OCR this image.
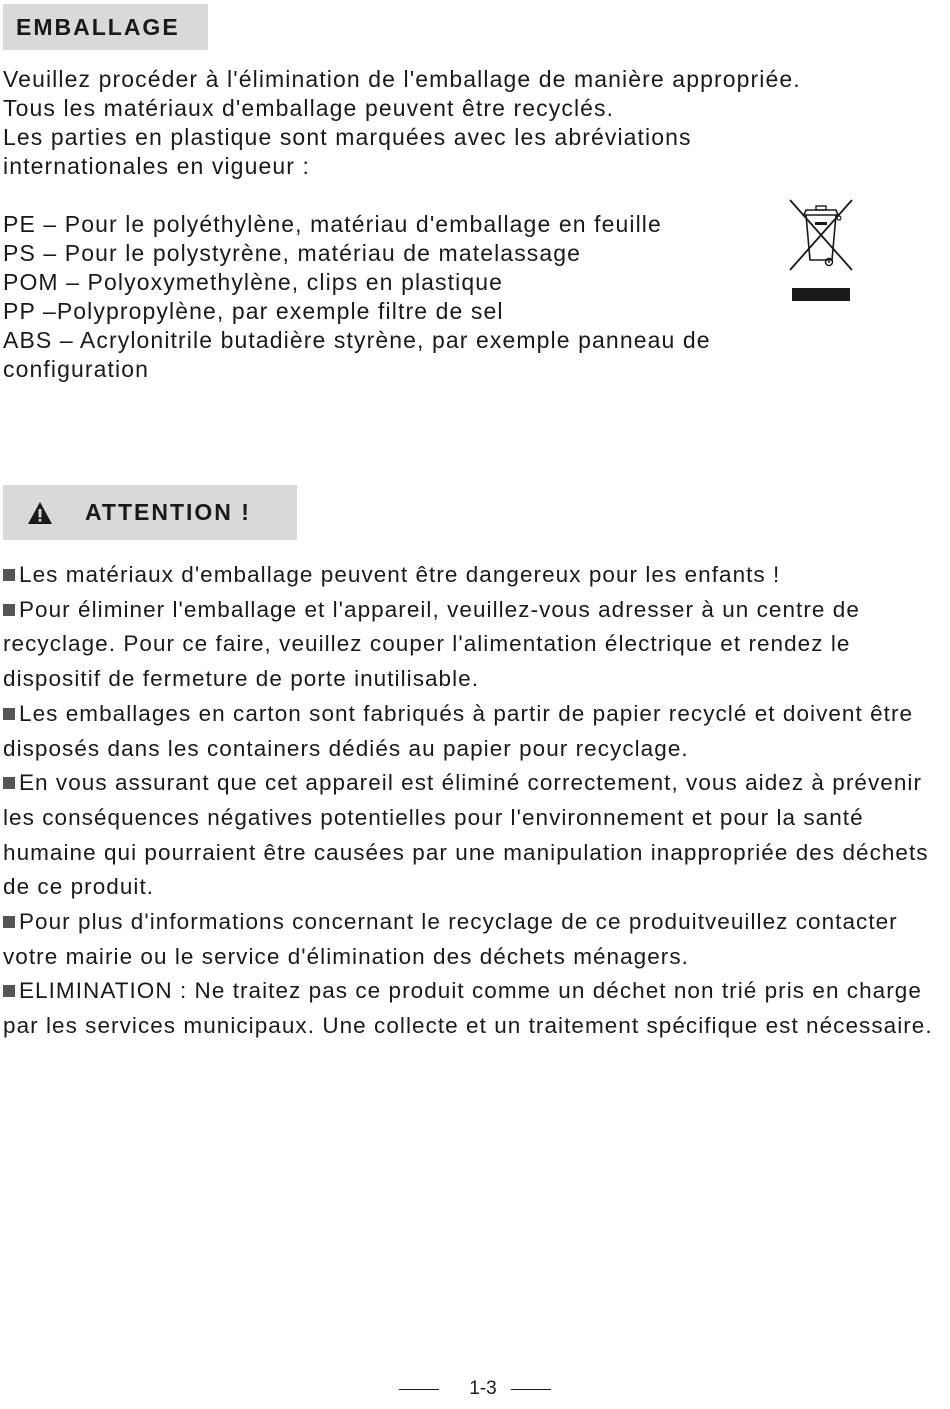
EMBALLAGE

Veuillez procéder à l'élimination de l'emballage de manière appropriée.

Tous les matériaux d'emballage peuvent être recyclés.

Les parties en plastique sont marquées avec les abréviations

internationales en vigueur :

PE – Pour le polyéthylène, matériau d'emballage en feuille

PS – Pour le polystyrène, matériau de matelassage

POM – Polyoxymethylène, clips en plastique

PP –Polypropylène, par exemple filtre de sel

ABS – Acrylonitrile butadière styrène, par exemple panneau de configuration

ATTENTION !

Les matériaux d'emballage peuvent être dangereux pour les enfants !

Pour éliminer l'emballage et l'appareil, veuillez-vous adresser à un centre de recyclage. Pour ce faire, veuillez couper l'alimentation électrique et rendez le dispositif de fermeture de porte inutilisable.

Les emballages en carton sont fabriqués à partir de papier recyclé et doivent être disposés dans les containers dédiés au papier pour recyclage.

En vous assurant que cet appareil est éliminé correctement, vous aidez à prévenir les conséquences négatives potentielles pour l'environnement et pour la santé humaine qui pourraient être causées par une manipulation inappropriée des déchets de ce produit.

Pour plus d'informations concernant le recyclage de ce produitveuillez contacter votre mairie ou le service d'élimination des déchets ménagers.

ELIMINATION : Ne traitez pas ce produit comme un déchet non trié pris en charge par les services municipaux. Une collecte et un traitement spécifique est nécessaire.

1-3
